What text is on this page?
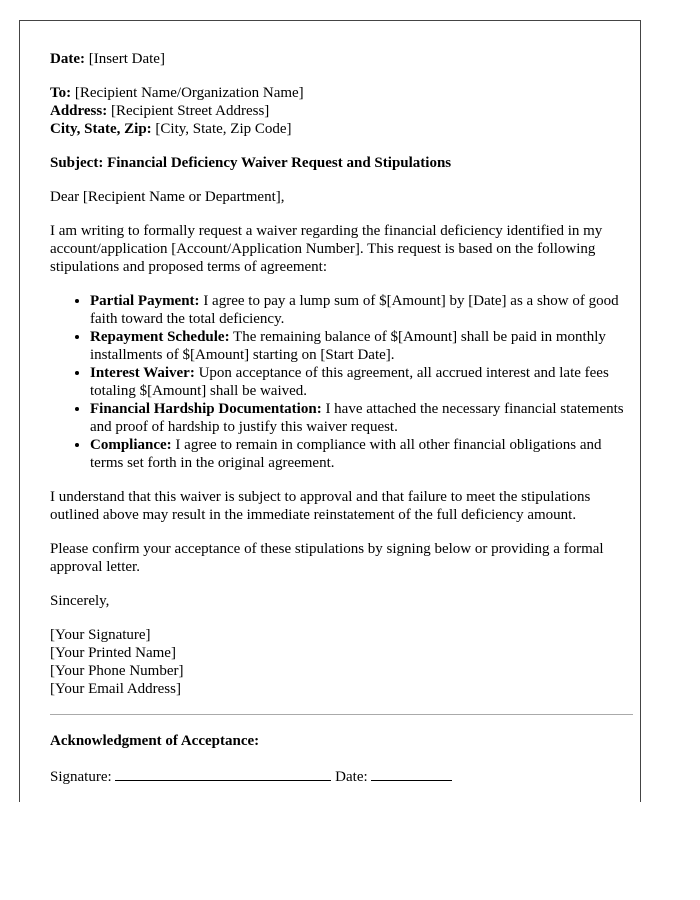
Date: [Insert Date]

To: [Recipient Name/Organization Name]

Address: [Recipient Street Address]

City, State, Zip: [City, State, Zip Code]

Subject: Financial Deficiency Waiver Request and Stipulations

Dear [Recipient Name or Department],

I am writing to formally request a waiver regarding the financial deficiency identified in my account/application [Account/Application Number]. This request is based on the following stipulations and proposed terms of agreement:

• Partial Payment: I agree to pay a lump sum of $[Amount] by [Date] as a show of good faith toward the total deficiency.
• Repayment Schedule: The remaining balance of $[Amount] shall be paid in monthly installments of $[Amount] starting on [Start Date].
• Interest Waiver: Upon acceptance of this agreement, all accrued interest and late fees totaling $[Amount] shall be waived.
• Financial Hardship Documentation: I have attached the necessary financial statements and proof of hardship to justify this waiver request.
• Compliance: I agree to remain in compliance with all other financial obligations and terms set forth in the original agreement.

I understand that this waiver is subject to approval and that failure to meet the stipulations outlined above may result in the immediate reinstatement of the full deficiency amount.

Please confirm your acceptance of these stipulations by signing below or providing a formal approval letter.

Sincerely,

[Your Signature]

[Your Printed Name]

[Your Phone Number]

[Your Email Address]

Acknowledgment of Acceptance:

Signature:	Date:
